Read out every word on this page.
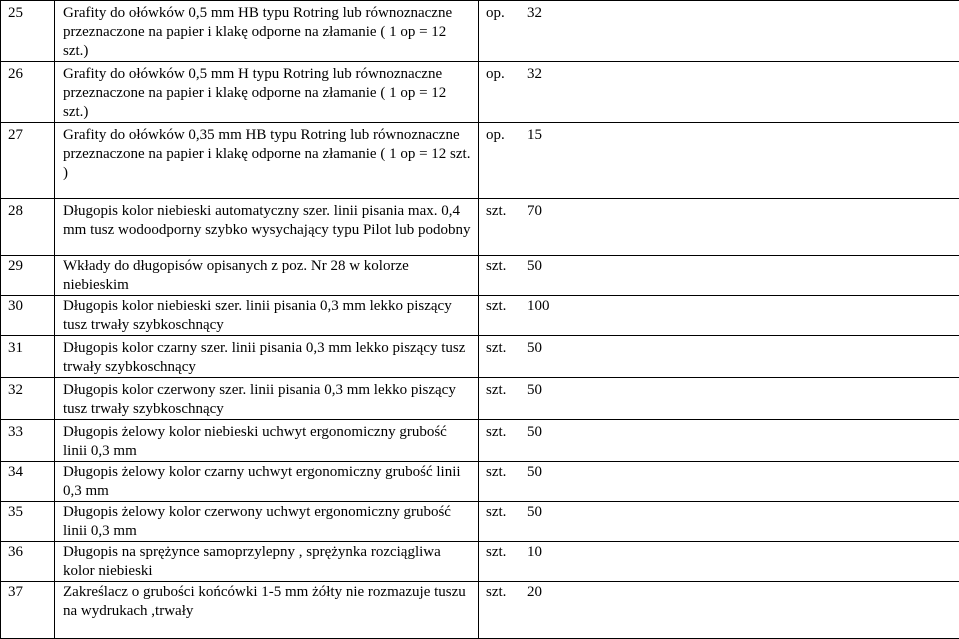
25	Grafity do ołówków 0,5 mm HB typu Rotring lub równoznaczne przeznaczone na papier i klakę odporne na złamanie ( 1 op = 12 szt.)	op. 32

26	Grafity do ołówków 0,5 mm H typu Rotring lub równoznaczne przeznaczone na papier i klakę odporne na złamanie ( 1 op = 12 szt.)	op. 32

27	Grafity do ołówków 0,35 mm HB typu Rotring lub równoznaczne przeznaczone na papier i klakę odporne na złamanie ( 1 op = 12 szt. )	op. 15

28	Długopis kolor niebieski automatyczny szer. linii pisania max. 0,4 mm tusz wodoodporny szybko wysychający typu Pilot lub podobny	szt. 70

29	Wkłady do długopisów opisanych z poz. Nr 28 w kolorze niebieskim	szt. 50

30	Długopis kolor niebieski szer. linii pisania 0,3 mm lekko piszący tusz trwały szybkoschnący	szt. 100

31	Długopis kolor czarny szer. linii pisania 0,3 mm lekko piszący tusz trwały szybkoschnący	szt. 50

32	Długopis kolor czerwony szer. linii pisania 0,3 mm lekko piszący tusz trwały szybkoschnący	szt. 50

33	Długopis żelowy kolor niebieski uchwyt ergonomiczny grubość linii 0,3 mm	szt. 50

34	Długopis żelowy kolor czarny uchwyt ergonomiczny grubość linii 0,3 mm	szt. 50

35	Długopis żelowy kolor czerwony uchwyt ergonomiczny grubość linii 0,3 mm	szt. 50

36	Długopis na sprężynce samoprzylepny , sprężynka rozciągliwa kolor niebieski	szt. 10

37	Zakreślacz o grubości końcówki 1-5 mm żółty nie rozmazuje tuszu na wydrukach ,trwały	szt. 20
